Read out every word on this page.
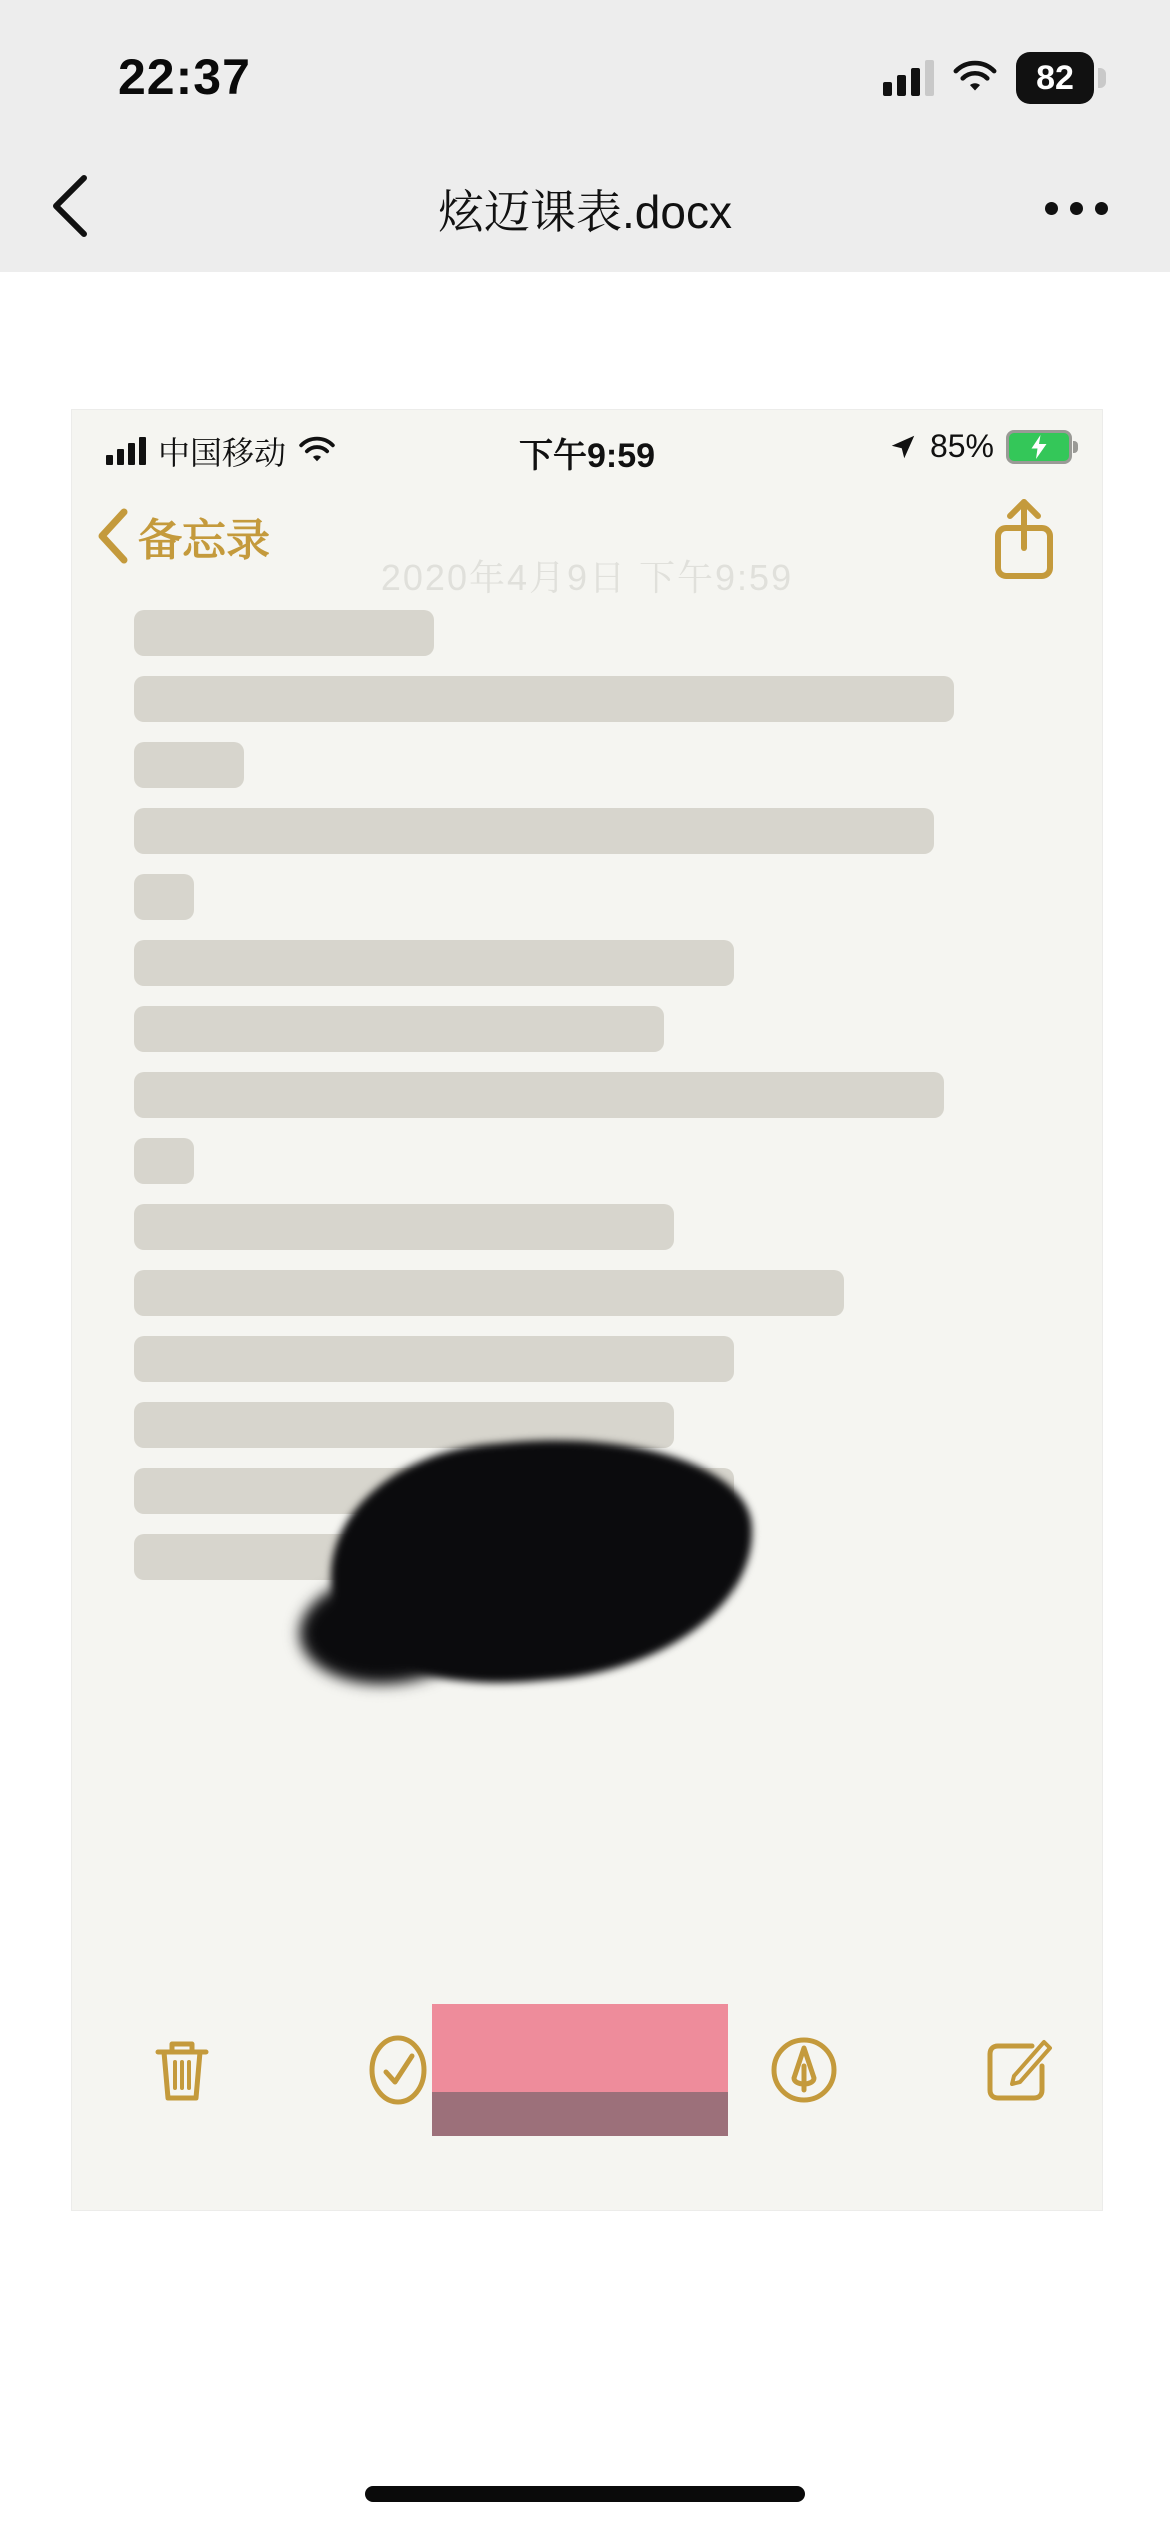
22:37	82
炫迈课表.docx
中国移动	下午9:59	85%
备忘录
2020年4月9日 下午9:59
